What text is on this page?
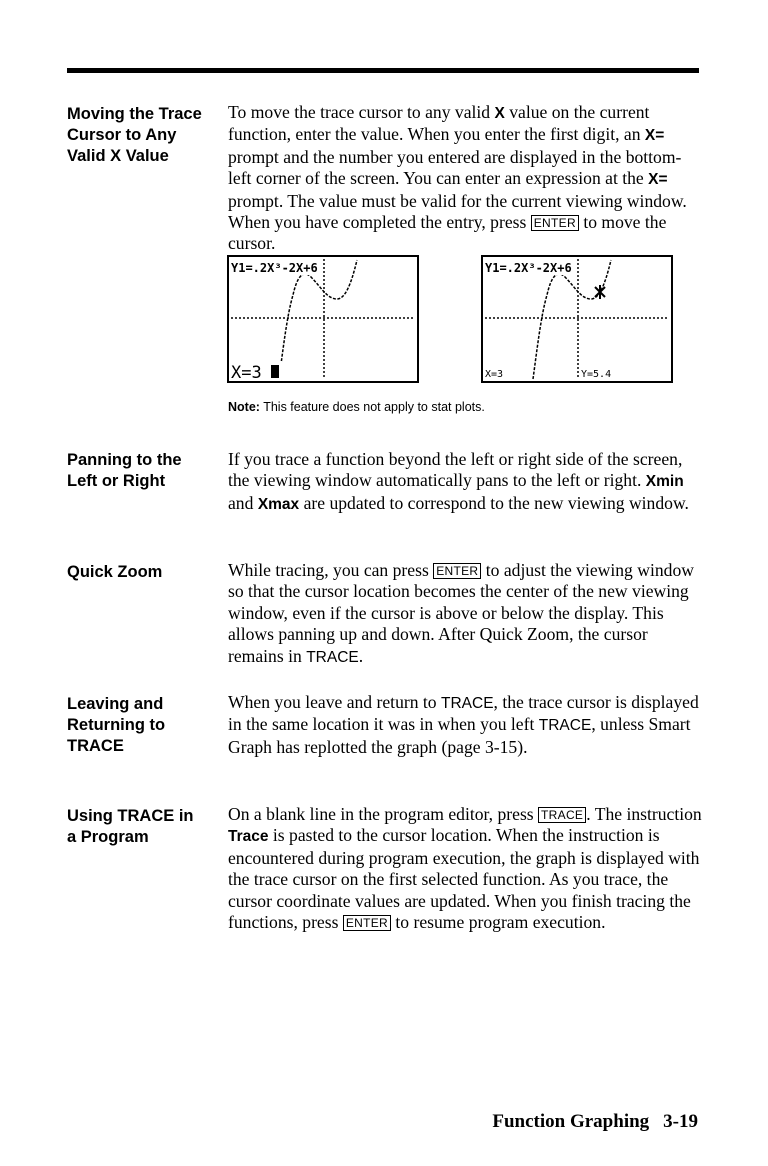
Moving the Trace
Cursor to Any
Valid X Value
To move the trace cursor to any valid X value on the current function, enter the value. When you enter the first digit, an X= prompt and the number you entered are displayed in the bottom-left corner of the screen. You can enter an expression at the X= prompt. The value must be valid for the current viewing window. When you have completed the entry, press ENTER to move the cursor.
Y1=.2X³-2X+6
X=3
Y1=.2X³-2X+6
X=3	Y=5.4
Note: This feature does not apply to stat plots.
Panning to the
Left or Right
If you trace a function beyond the left or right side of the screen, the viewing window automatically pans to the left or right. Xmin and Xmax are updated to correspond to the new viewing window.
Quick Zoom	While tracing, you can press ENTER to adjust the viewing window so that the cursor location becomes the center of the new viewing window, even if the cursor is above or below the display. This allows panning up and down. After Quick Zoom, the cursor remains in TRACE.
Leaving and
Returning to
TRACE
When you leave and return to TRACE, the trace cursor is displayed in the same location it was in when you left TRACE, unless Smart Graph has replotted the graph (page 3-15).
Using TRACE in
a Program
On a blank line in the program editor, press TRACE . The instruction Trace is pasted to the cursor location. When the instruction is encountered during program execution, the graph is displayed with the trace cursor on the first selected function. As you trace, the cursor coordinate values are updated. When you finish tracing the functions, press ENTER to resume program execution.
Function Graphing 3-19
